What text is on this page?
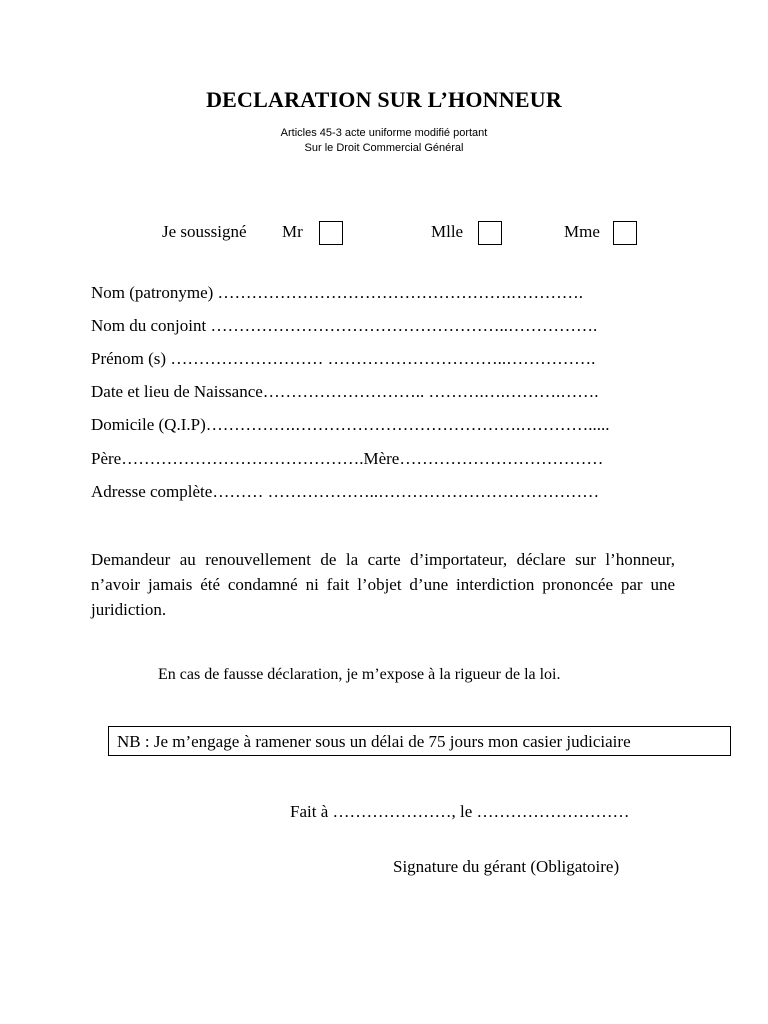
DECLARATION SUR L’HONNEUR
Articles 45-3 acte uniforme modifié portant
Sur le Droit Commercial Général
Je soussigné Mr	Mlle	Mme
Nom (patronyme) …………………………………………….………….
Nom du conjoint ……………………………………………..…………….
Prénom (s) ……………………… …………………………..…………….
Date et lieu de Naissance……………………….. ……….….……….…….
Domicile (Q.I.P)…………….………………………………….………….....
Père…………………………………….Mère………………………………
Adresse complète……… ………………..…………………………………
Demandeur au renouvellement de la carte d’importateur, déclare sur l’honneur, n’avoir jamais été condamné ni fait l’objet d’une interdiction prononcée par une juridiction.
En cas de fausse déclaration, je m’expose à la rigueur de la loi.
NB : Je m’engage à ramener sous un délai de 75 jours mon casier judiciaire
Fait à …………………, le ………………………
Signature du gérant (Obligatoire)
